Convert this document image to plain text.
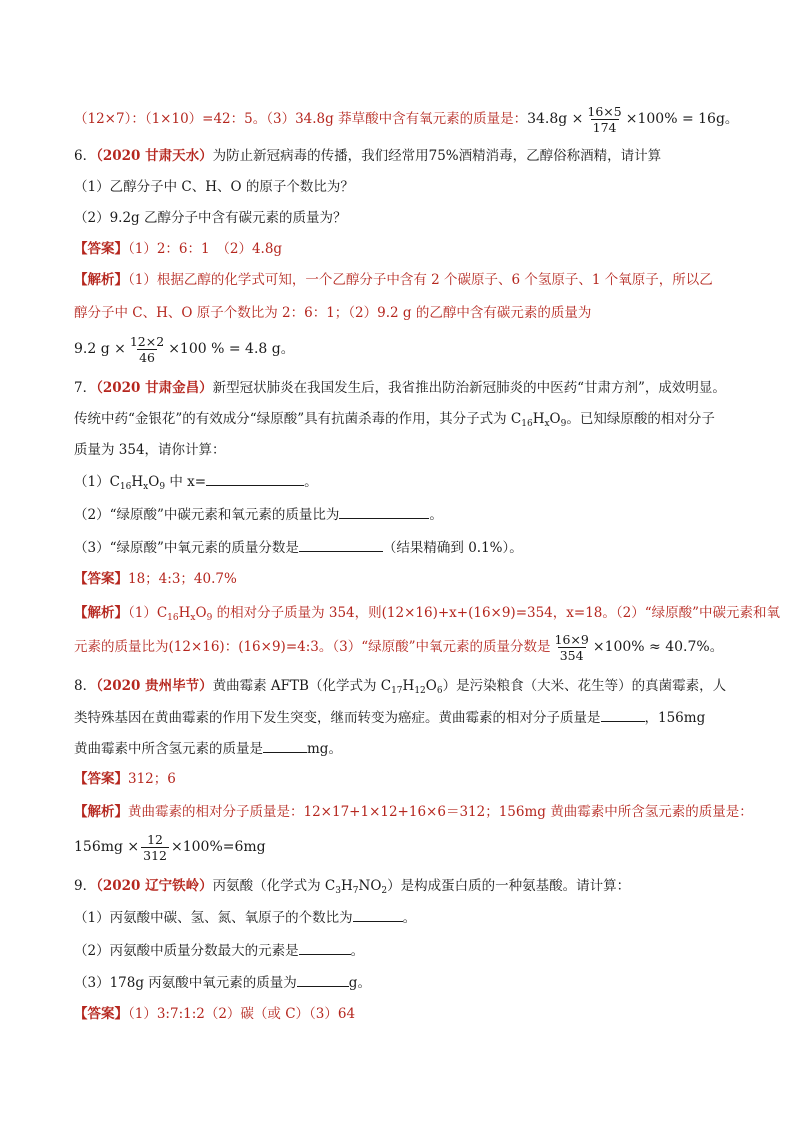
（12×7）：（1×10）=42：5。（3）34.8g 莽草酸中含有氧元素的质量是：$34.8g \times \frac{16\times 5}{174} \times 100\% = 16g$。
6．（2020 甘肃天水）为防止新冠病毒的传播，我们经常用75%酒精消毒，乙醇俗称酒精，请计算
（1）乙醇分子中 C、H、O 的原子个数比为？
（2）9.2g 乙醇分子中含有碳元素的质量为？
【答案】（1）2：6：1　（2）4.8g
【解析】（1）根据乙醇的化学式可知，一个乙醇分子中含有 2 个碳原子、6 个氢原子、1 个氧原子，所以乙
醇分子中 C、H、O 原子个数比为 2：6：1；（2）9.2 g 的乙醇中含有碳元素的质量为
9.2 $g \times \frac{12\times 2}{46} \times 100$ % = 4.8 g。
7．（2020 甘肃金昌）新型冠状肺炎在我国发生后，我省推出防治新冠肺炎的中医药“甘肃方剂”，成效明显。
传统中药“金银花”的有效成分“绿原酸”具有抗菌杀毒的作用，其分子式为 $C_{16}H_xO_9$。已知绿原酸的相对分子
质量为 354，请你计算：
$(1)C_{16}H_xO_9$ 中 x=	。
（2）“绿原酸”中碳元素和氧元素的质量比为	。
（3）“绿原酸”中氧元素的质量分数是	（结果精确到 0.1%）。
【答案】18；4:3；40.7%
【解析】$(1)C_{16}H_xO_9$ 的相对分子质量为 354，则(12×16)+x+(16×9)=354，x=18。（2）“绿原酸”中碳元素和氧
元素的质量比为(12×16)：(16×9)=4:3。（3）“绿原酸”中氧元素的质量分数是 $\frac{16\times 9}{354} \times 100\% \approx 40.7\%$。
8．（2020 贵州毕节）黄曲霉素 AFTB（化学式为 $C_{17}H_{12}O_6$）是污染粮食（大米、花生等）的真菌霉素，人
类特殊基因在黄曲霉素的作用下发生突变，继而转变为癌症。黄曲霉素的相对分子质量是	，156mg
黄曲霉素中所含氢元素的质量是	mg。
【答案】312；6
【解析】黄曲霉素的相对分子质量是：12×17+1×12+16×6＝312；156mg 黄曲霉素中所含氢元素的质量是：
$156mg \times \frac{12}{312} \times 100\%=6mg$
9．（2020 辽宁铁岭）丙氨酸（化学式为 $C_3H_7NO_2$）是构成蛋白质的一种氨基酸。请计算：
（1）丙氨酸中碳、氢、氮、氧原子的个数比为	。
（2）丙氨酸中质量分数最大的元素是	。
（3）178g 丙氨酸中氧元素的质量为	g。
【答案】（1）3:7:1:2（2）碳（或 C）（3）64
